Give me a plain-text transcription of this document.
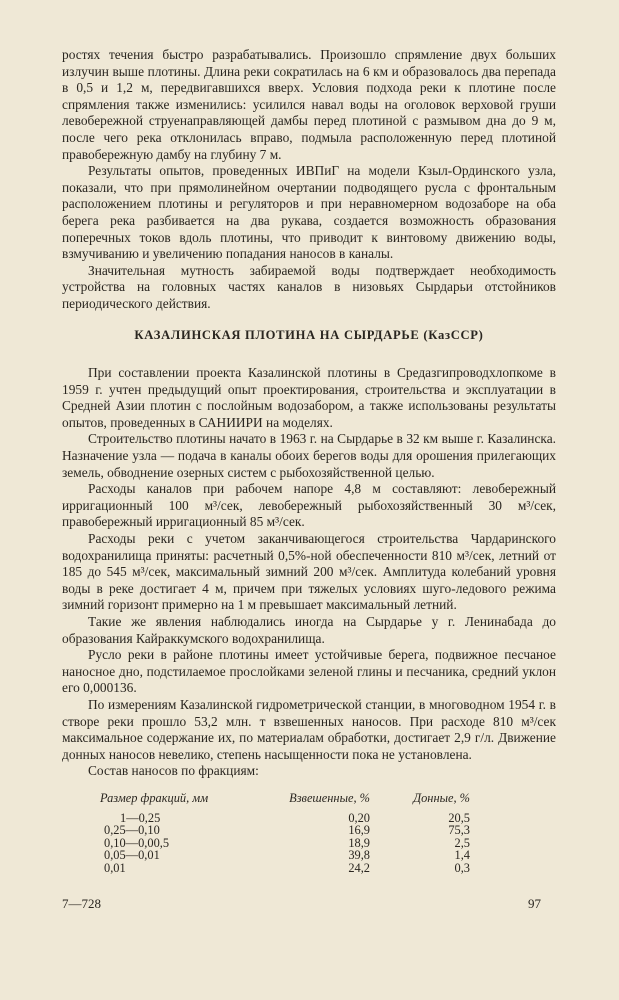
ростях течения быстро разрабатывались. Произошло спрямление двух больших излучин выше плотины. Длина реки сократилась на 6 км и образовалось два перепада в 0,5 и 1,2 м, передвигавшихся вверх. Условия подхода реки к плотине после спрямления также изменились: усилился навал воды на оголовок верховой груши левобережной струенаправляющей дамбы перед плотиной с размывом дна до 9 м, после чего река отклонилась вправо, подмыла расположенную перед плотиной правобережную дамбу на глубину 7 м.

Результаты опытов, проведенных ИВПиГ на модели Кзыл-Ординского узла, показали, что при прямолинейном очертании подводящего русла с фронтальным расположением плотины и регуляторов и при неравномерном водозаборе на оба берега река разбивается на два рукава, создается возможность образования поперечных токов вдоль плотины, что приводит к винтовому движению воды, взмучиванию и увеличению попадания наносов в каналы.

Значительная мутность забираемой воды подтверждает необходимость устройства на головных частях каналов в низовьях Сырдарьи отстойников периодического действия.

КАЗАЛИНСКАЯ ПЛОТИНА НА СЫРДАРЬЕ (КазССР)

При составлении проекта Казалинской плотины в Средазгипроводхлопкоме в 1959 г. учтен предыдущий опыт проектирования, строительства и эксплуатации в Средней Азии плотин с послойным водозабором, а также использованы результаты опытов, проведенных в САНИИРИ на моделях.

Строительство плотины начато в 1963 г. на Сырдарье в 32 км выше г. Казалинска. Назначение узла — подача в каналы обоих берегов воды для орошения прилегающих земель, обводнение озерных систем с рыбохозяйственной целью.

Расходы каналов при рабочем напоре 4,8 м составляют: левобережный ирригационный 100 м³/сек, левобережный рыбохозяйственный 30 м³/сек, правобережный ирригационный 85 м³/сек.

Расходы реки с учетом заканчивающегося строительства Чардаринского водохранилища приняты: расчетный 0,5%-ной обеспеченности 810 м³/сек, летний от 185 до 545 м³/сек, максимальный зимний 200 м³/сек. Амплитуда колебаний уровня воды в реке достигает 4 м, причем при тяжелых условиях шуго-ледового режима зимний горизонт примерно на 1 м превышает максимальный летний.

Такие же явления наблюдались иногда на Сырдарье у г. Ленинабада до образования Кайраккумского водохранилища.

Русло реки в районе плотины имеет устойчивые берега, подвижное песчаное наносное дно, подстилаемое прослойками зеленой глины и песчаника, средний уклон его 0,000136.

По измерениям Казалинской гидрометрической станции, в многоводном 1954 г. в створе реки прошло 53,2 млн. т взвешенных наносов. При расходе 810 м³/сек максимальное содержание их, по материалам обработки, достигает 2,9 г/л. Движение донных наносов невелико, степень насыщенности пока не установлена.

Состав наносов по фракциям:

Размер фракций, мм	Взвешенные, %	Донные, %
1—0,25	0,20	20,5
0,25—0,10	16,9	75,3
0,10—0,00,5	18,9	2,5
0,05—0,01	39,8	1,4
0,01	24,2	0,3
7—728	97
